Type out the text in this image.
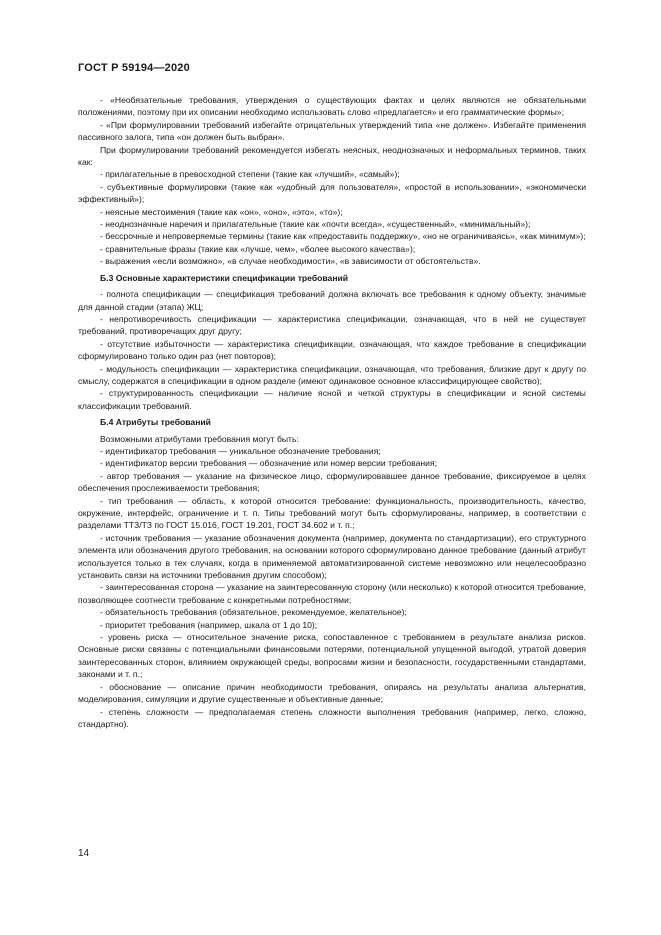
ГОСТ Р 59194—2020

- «Необязательные требования, утверждения о существующих фактах и целях являются не обязательными положениями, поэтому при их описании необходимо использовать слово «предлагается» и его грамматические формы»;

- «При формулировании требований избегайте отрицательных утверждений типа «не должен». Избегайте применения пассивного залога, типа «он должен быть выбран».

При формулировании требований рекомендуется избегать неясных, неоднозначных и неформальных терминов, таких как:

- прилагательные в превосходной степени (такие как «лучший», «самый»);

- субъективные формулировки (такие как «удобный для пользователя», «простой в использовании», «экономически эффективный»);

- неясные местоимения (такие как «он», «оно», «это», «то»);

- неоднозначные наречия и прилагательные (такие как «почти всегда», «существенный», «минимальный»);

- бессрочные и непроверяемые термины (такие как «предоставить поддержку», «но не ограничиваясь», «как минимум»);

- сравнительные фразы (такие как «лучше, чем», «более высокого качества»);

- выражения «если возможно», «в случае необходимости», «в зависимости от обстоятельств».

Б.3 Основные характеристики спецификации требований

- полнота спецификации — спецификация требований должна включать все требования к одному объекту, значимые для данной стадии (этапа) ЖЦ;

- непротиворечивость спецификации — характеристика спецификации, означающая, что в ней не существует требований, противоречащих друг другу;

- отсутствие избыточности — характеристика спецификации, означающая, что каждое требование в спецификации сформулировано только один раз (нет повторов);

- модульность спецификации — характеристика спецификации, означающая, что требования, близкие друг к другу по смыслу, содержатся в спецификации в одном разделе (имеют одинаковое основное классифицирующее свойство);

- структурированность спецификации — наличие ясной и четкой структуры в спецификации и ясной системы классификации требований.

Б.4 Атрибуты требований

Возможными атрибутами требования могут быть:

- идентификатор требования — уникальное обозначение требования;

- идентификатор версии требования — обозначение или номер версии требования;

- автор требования — указание на физическое лицо, сформулировавшее данное требование, фиксируемое в целях обеспечения прослеживаемости требования;

- тип требования — область, к которой относится требование: функциональность, производительность, качество, окружение, интерфейс, ограничение и т. п. Типы требований могут быть сформулированы, например, в соответствии с разделами ТТЗ/ТЗ по ГОСТ 15.016, ГОСТ 19.201, ГОСТ 34.602 и т. п.;

- источник требования — указание обозначения документа (например, документа по стандартизации), его структурного элемента или обозначения другого требования, на основании которого сформулировано данное требование (данный атрибут используется только в тех случаях, когда в применяемой автоматизированной системе невозможно или нецелесообразно установить связи на источники требования другим способом);

- заинтересованная сторона — указание на заинтересованную сторону (или несколько) к которой относится требование, позволяющее соотнести требование с конкретными потребностями;

- обязательность требования (обязательное, рекомендуемое, желательное);

- приоритет требования (например, шкала от 1 до 10);

- уровень риска — относительное значение риска, сопоставленное с требованием в результате анализа рисков. Основные риски связаны с потенциальными финансовыми потерями, потенциальной упущенной выгодой, утратой доверия заинтересованных сторон, влиянием окружающей среды, вопросами жизни и безопасности, государственными стандартами, законами и т. п.;

- обоснование — описание причин необходимости требования, опираясь на результаты анализа альтернатив, моделирования, симуляции и другие существенные и объективные данные;

- степень сложности — предполагаемая степень сложности выполнения требования (например, легко, сложно, стандартно).

14
